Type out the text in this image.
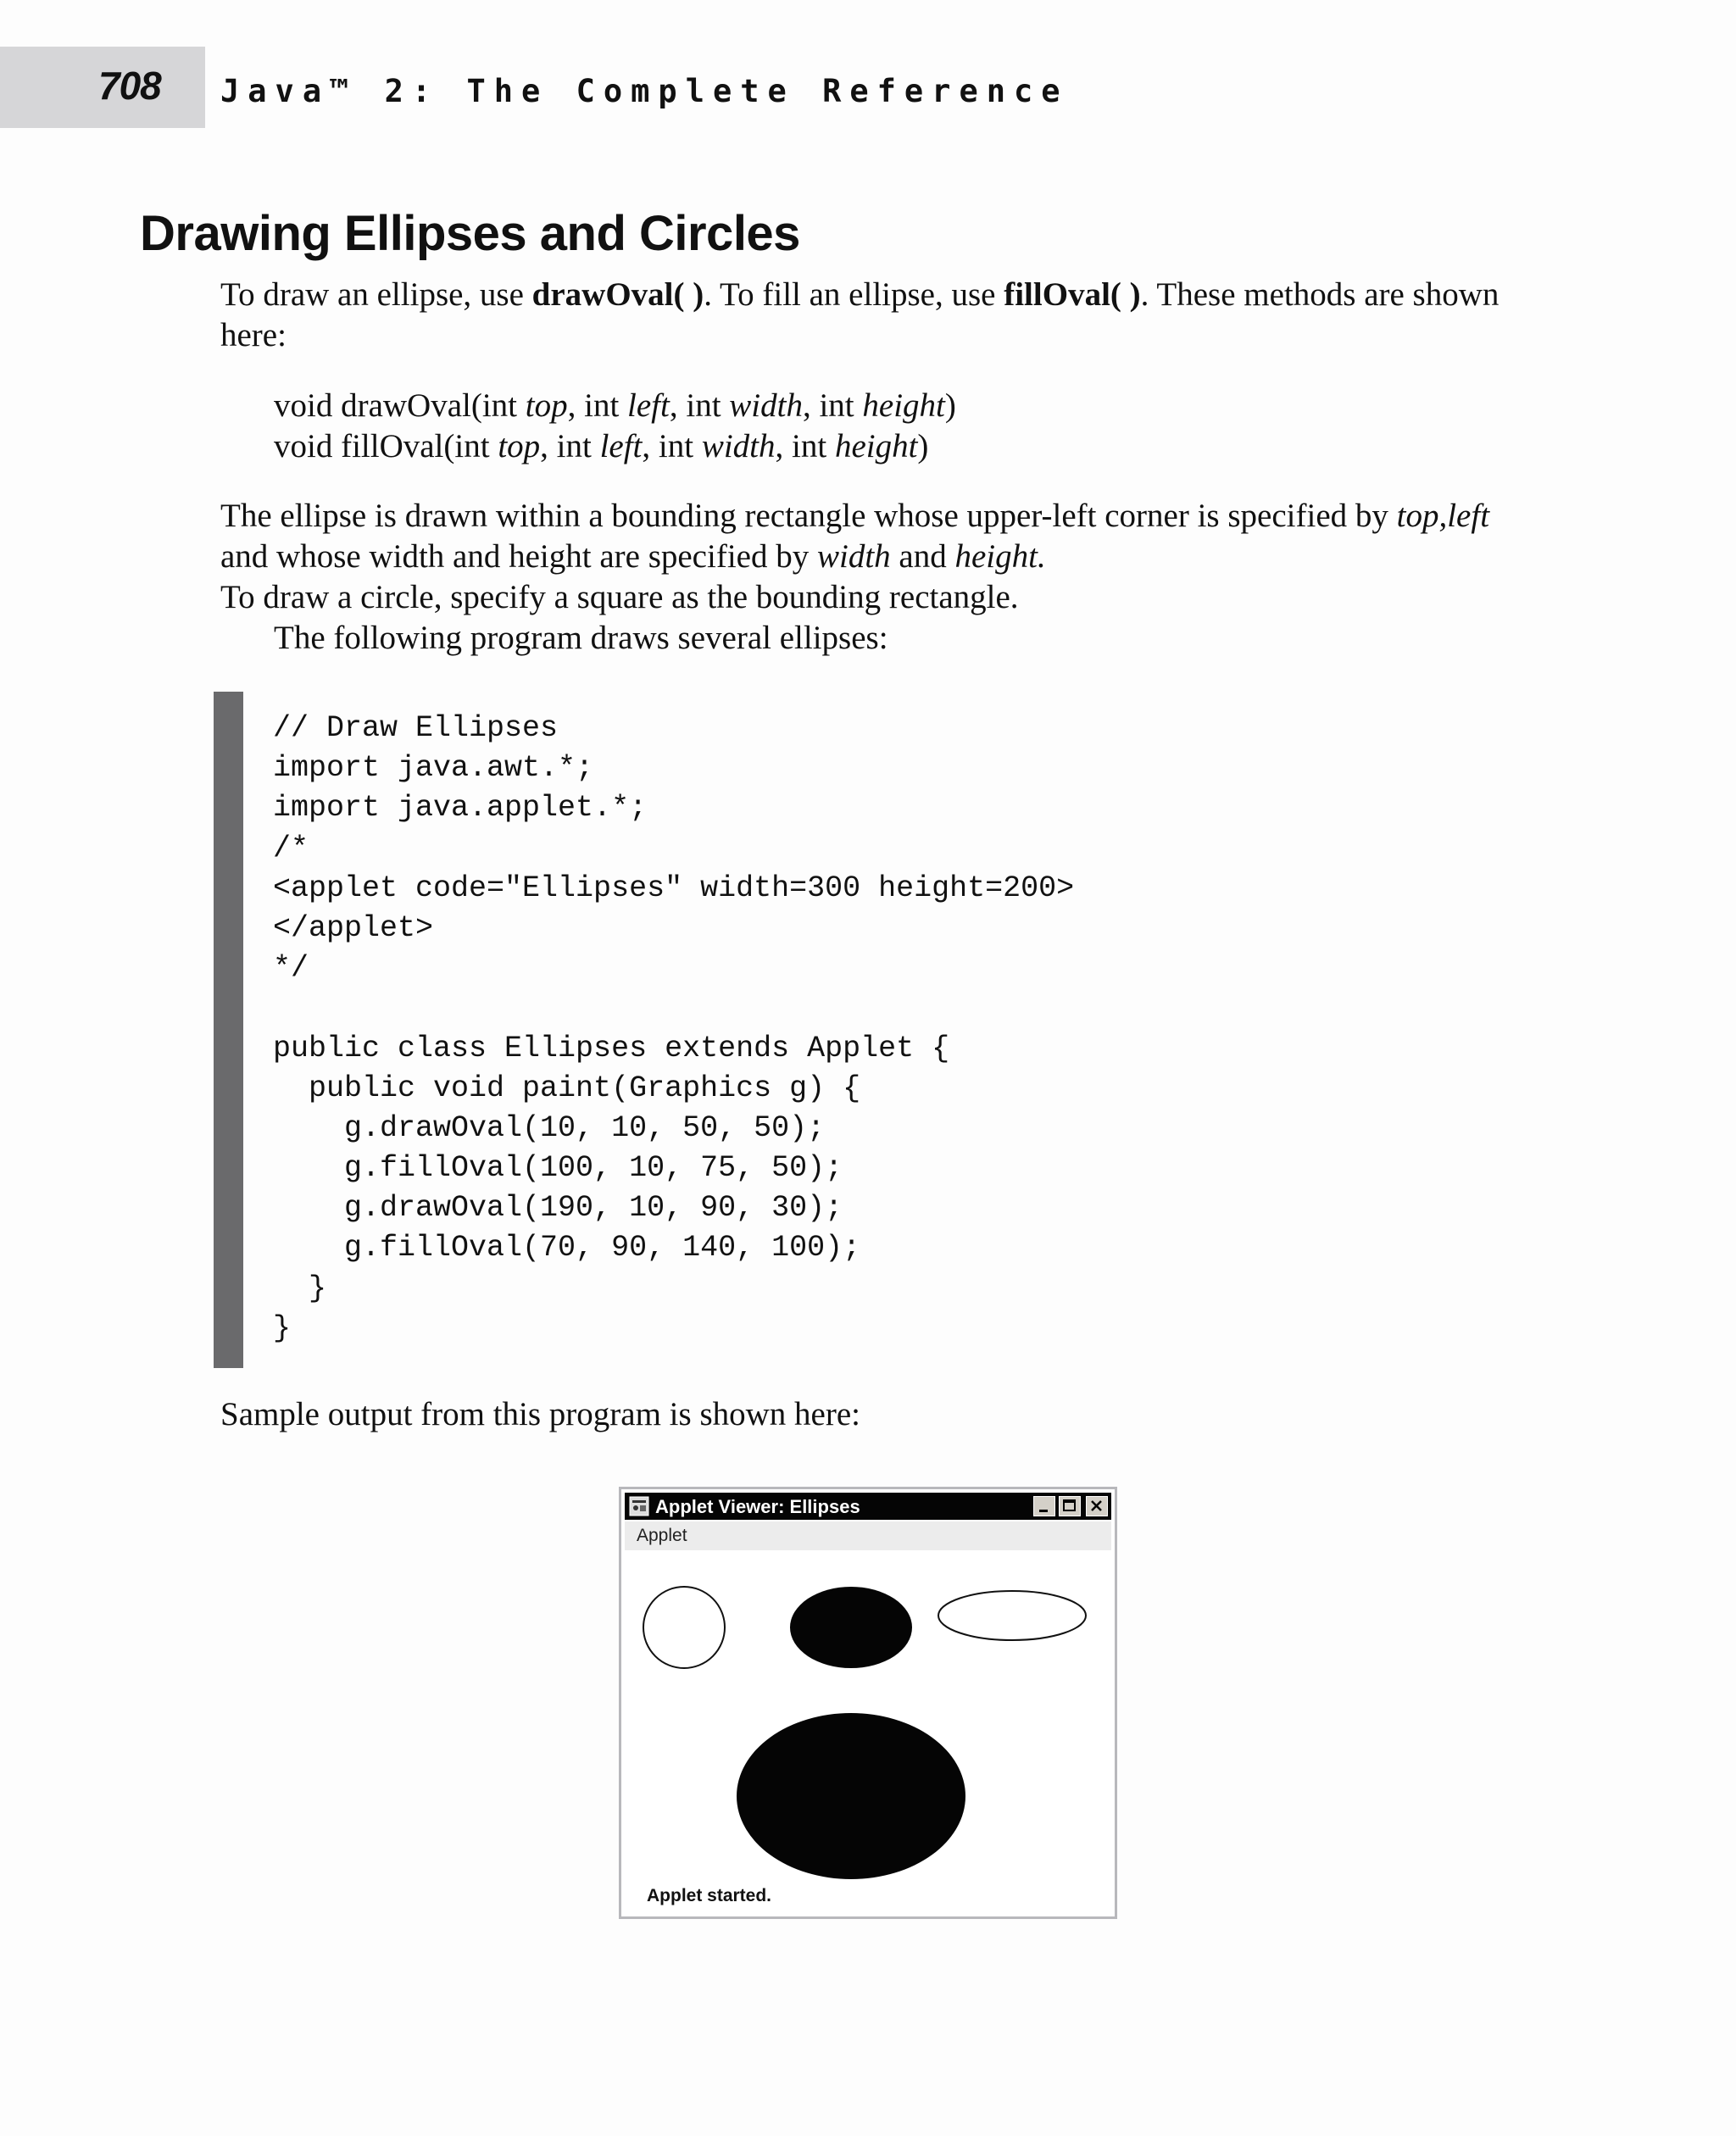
708 Java™ 2: The Complete Reference
Drawing Ellipses and Circles

To draw an ellipse, use drawOval( ). To fill an ellipse, use fillOval( ). These methods are shown here:

void drawOval(int top, int left, int width, int height)
void fillOval(int top, int left, int width, int height)

The ellipse is drawn within a bounding rectangle whose upper-left corner is specified by top,left and whose width and height are specified by width and height.

To draw a circle, specify a square as the bounding rectangle.
The following program draws several ellipses:
// Draw Ellipses
import java.awt.*;
import java.applet.*;
/*
<applet code="Ellipses" width=300 height=200>
</applet>
*/
public class Ellipses extends Applet {
public void paint(Graphics g) {
g.drawOval(10, 10, 50, 50);
g.fillOval(100, 10, 75, 50);
g.drawOval(190, 10, 90, 30);
g.fillOval(70, 90, 140, 100);
}
}
Sample output from this program is shown here:
Applet Viewer: Ellipses
Applet
Applet started.
